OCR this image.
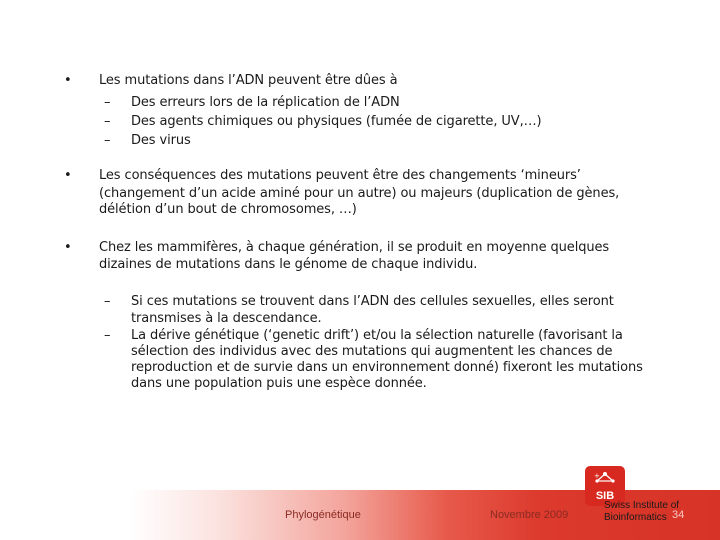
• Les mutations dans l’ADN peuvent être dûes à
– Des erreurs lors de la réplication de l’ADN
– Des agents chimiques ou physiques (fumée de cigarette, UV,…)
– Des virus
• Les conséquences des mutations peuvent être des changements ‘mineurs’
(changement d’un acide aminé pour un autre) ou majeurs (duplication de gènes,
délétion d’un bout de chromosomes, …)
• Chez les mammifères, à chaque génération, il se produit en moyenne quelques
dizaines de mutations dans le génome de chaque individu.
– Si ces mutations se trouvent dans l’ADN des cellules sexuelles, elles seront
transmises à la descendance.
– La dérive génétique (‘genetic drift’) et/ou la sélection naturelle (favorisant la
sélection des individus avec des mutations qui augmentent les chances de
reproduction et de survie dans un environnement donné) fixeront les mutations
dans une population puis une espèce donnée.
Phylogénétique	Novembre 2009
+
SIB
Swiss Institute of
Bioinformatics 34
